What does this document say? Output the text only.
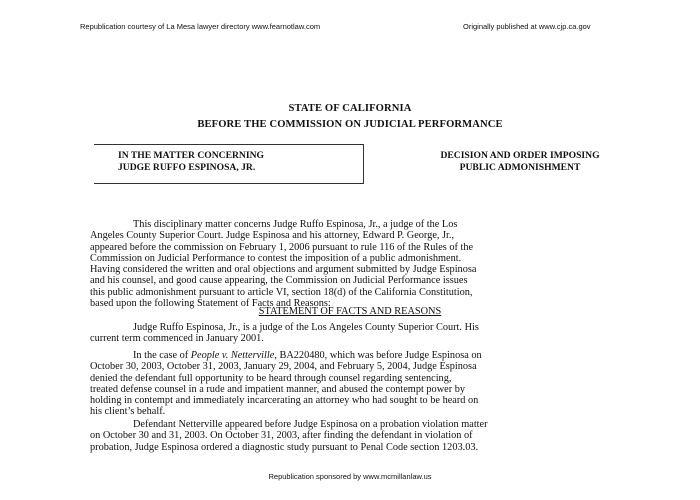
Republication courtesy of La Mesa lawyer directory www.fearnotlaw.com	Originally published at www.cjp.ca.gov
STATE OF CALIFORNIA
BEFORE THE COMMISSION ON JUDICIAL PERFORMANCE
IN THE MATTER CONCERNING
JUDGE RUFFO ESPINOSA, JR.
DECISION AND ORDER IMPOSING
PUBLIC ADMONISHMENT
This disciplinary matter concerns Judge Ruffo Espinosa, Jr., a judge of the Los
Angeles County Superior Court. Judge Espinosa and his attorney, Edward P. George, Jr.,
appeared before the commission on February 1, 2006 pursuant to rule 116 of the Rules of the
Commission on Judicial Performance to contest the imposition of a public admonishment.
Having considered the written and oral objections and argument submitted by Judge Espinosa
and his counsel, and good cause appearing, the Commission on Judicial Performance issues
this public admonishment pursuant to article VI, section 18(d) of the California Constitution,
based upon the following Statement of Facts and Reasons:
STATEMENT OF FACTS AND REASONS
Judge Ruffo Espinosa, Jr., is a judge of the Los Angeles County Superior Court. His
current term commenced in January 2001.
In the case of People v. Netterville, BA220480, which was before Judge Espinosa on
October 30, 2003, October 31, 2003, January 29, 2004, and February 5, 2004, Judge Espinosa
denied the defendant full opportunity to be heard through counsel regarding sentencing,
treated defense counsel in a rude and impatient manner, and abused the contempt power by
holding in contempt and immediately incarcerating an attorney who had sought to be heard on
his client’s behalf.
Defendant Netterville appeared before Judge Espinosa on a probation violation matter
on October 30 and 31, 2003. On October 31, 2003, after finding the defendant in violation of
probation, Judge Espinosa ordered a diagnostic study pursuant to Penal Code section 1203.03.
Republication sponsored by www.mcmillanlaw.us
